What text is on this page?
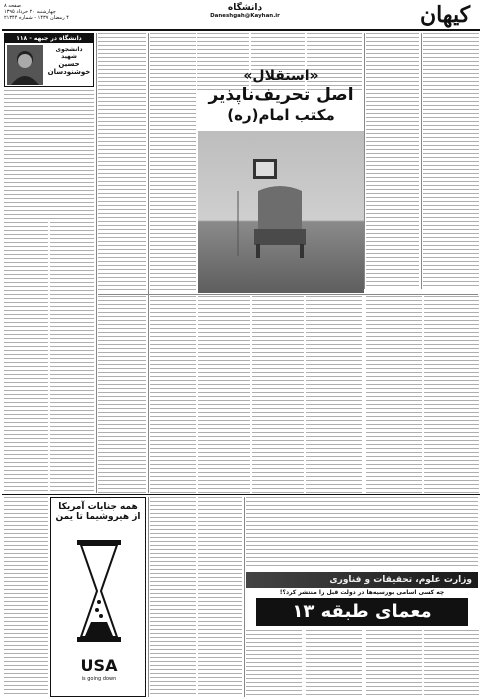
کیهان
دانشگاه
Daneshgah@Kayhan.ir
صفحه ۸
چهارشنبه ۲۰ خرداد ۱۳۹۵
۴ رمضان ۱۴۳۷ - شماره ۲۱۳۴۴
«استقلال»
اصل تحریف‌ناپذیر
مکتب امام(ره)
دانشگاه در جبهه - ۱۱۸
دانشجوی
شهید
حسین
خوشنودسان
همه جنایات آمریکا
از هیروشیما تا یمن
USA
is going down
وزارت علوم، تحقیقات و فناوری
چه کسی اسامی بورسیه‌ها در دولت قبل را منتشر کرد؟!
معمای طبقه ۱۳
